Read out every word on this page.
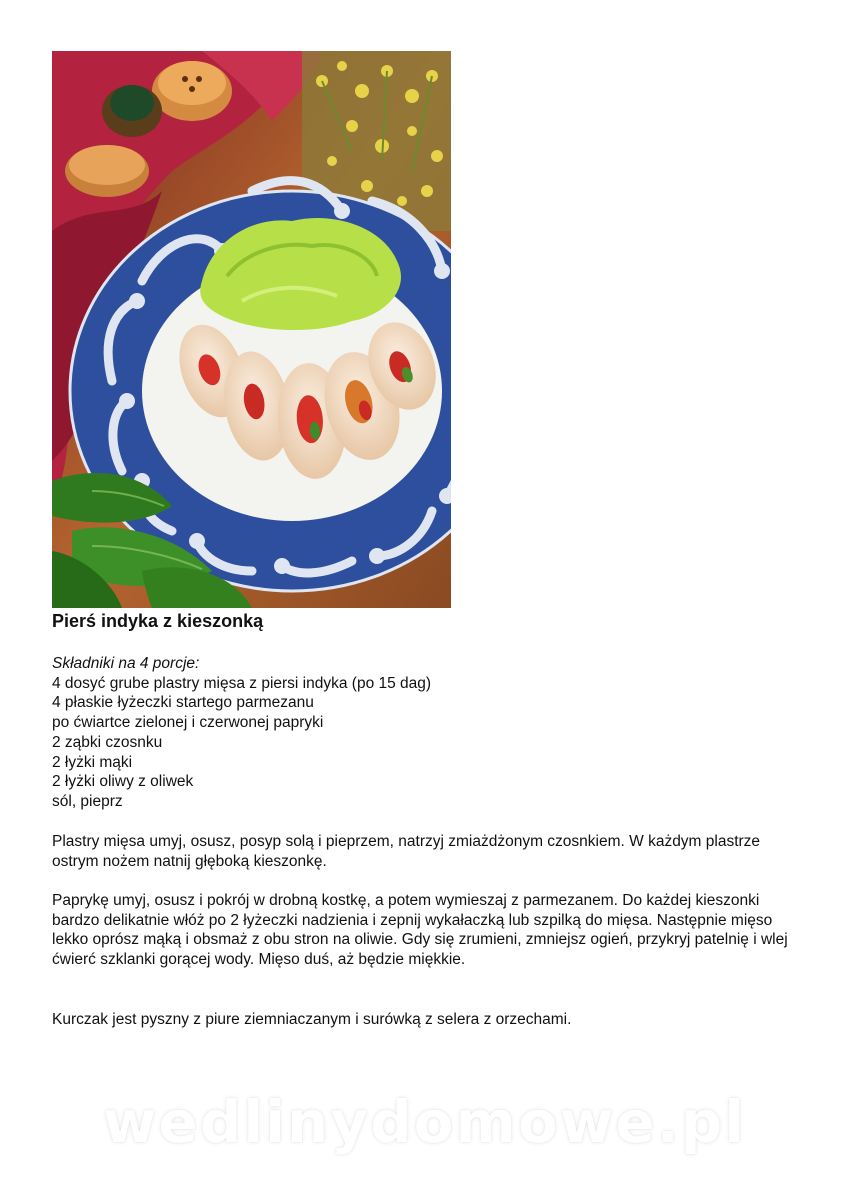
Pierś indyka z kieszonką
Składniki na 4 porcje:
4 dosyć grube plastry mięsa z piersi indyka (po 15 dag)
4 płaskie łyżeczki startego parmezanu
po ćwiartce zielonej i czerwonej papryki
2 ząbki czosnku
2 łyżki mąki
2 łyżki oliwy z oliwek
sól, pieprz

Plastry mięsa umyj, osusz, posyp solą i pieprzem, natrzyj zmiażdżonym czosnkiem. W każdym plastrze ostrym nożem natnij głęboką kieszonkę.

Paprykę umyj, osusz i pokrój w drobną kostkę, a potem wymieszaj z parmezanem. Do każdej kieszonki bardzo delikatnie włóż po 2 łyżeczki nadzienia i zepnij wykałaczką lub szpilką do mięsa. Następnie mięso lekko oprósz mąką i obsmaż z obu stron na oliwie. Gdy się zrumieni, zmniejsz ogień, przykryj patelnię i wlej ćwierć szklanki gorącej wody. Mięso duś, aż będzie miękkie.

Kurczak jest pyszny z piure ziemniaczanym i surówką z selera z orzechami.

wedlinydomowe.pl
